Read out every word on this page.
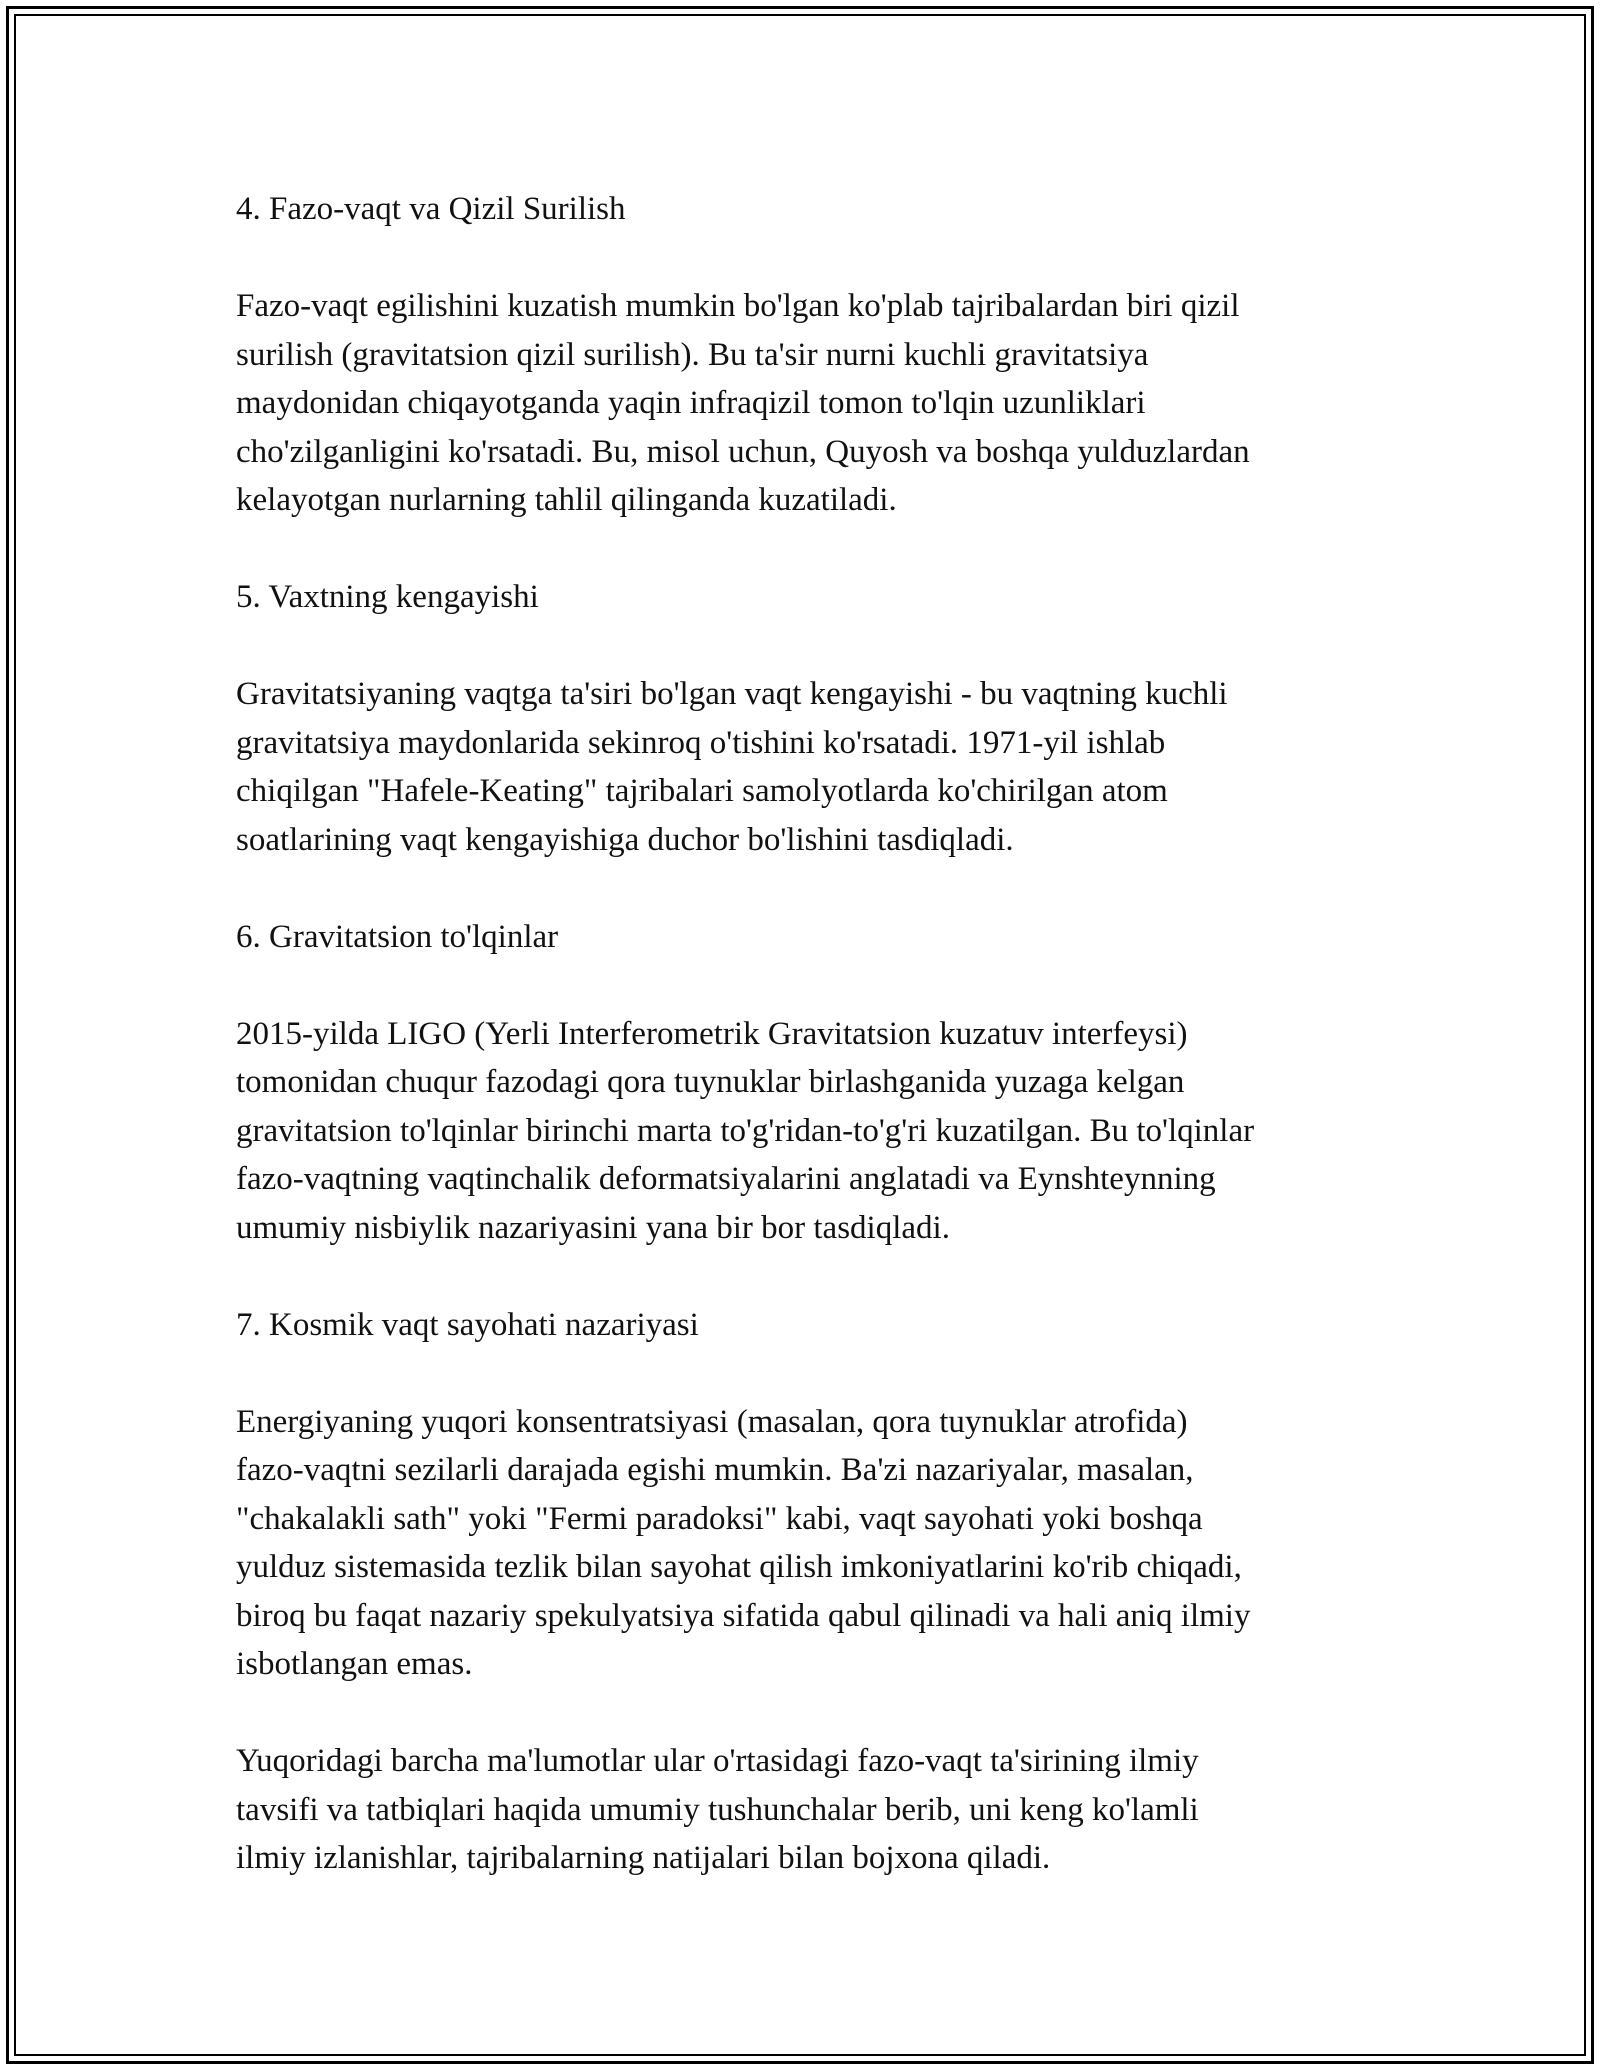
4. Fazo-vaqt va Qizil Surilish

Fazo-vaqt egilishini kuzatish mumkin bo'lgan ko'plab tajribalardan biri qizil
surilish (gravitatsion qizil surilish). Bu ta'sir nurni kuchli gravitatsiya
maydonidan chiqayotganda yaqin infraqizil tomon to'lqin uzunliklari
cho'zilganligini ko'rsatadi. Bu, misol uchun, Quyosh va boshqa yulduzlardan
kelayotgan nurlarning tahlil qilinganda kuzatiladi.

5. Vaxtning kengayishi

Gravitatsiyaning vaqtga ta'siri bo'lgan vaqt kengayishi - bu vaqtning kuchli
gravitatsiya maydonlarida sekinroq o'tishini ko'rsatadi. 1971-yil ishlab
chiqilgan "Hafele-Keating" tajribalari samolyotlarda ko'chirilgan atom
soatlarining vaqt kengayishiga duchor bo'lishini tasdiqladi.

6. Gravitatsion to'lqinlar

2015-yilda LIGO (Yerli Interferometrik Gravitatsion kuzatuv interfeysi)
tomonidan chuqur fazodagi qora tuynuklar birlashganida yuzaga kelgan
gravitatsion to'lqinlar birinchi marta to'g'ridan-to'g'ri kuzatilgan. Bu to'lqinlar
fazo-vaqtning vaqtinchalik deformatsiyalarini anglatadi va Eynshteynning
umumiy nisbiylik nazariyasini yana bir bor tasdiqladi.

7. Kosmik vaqt sayohati nazariyasi

Energiyaning yuqori konsentratsiyasi (masalan, qora tuynuklar atrofida)
fazo-vaqtni sezilarli darajada egishi mumkin. Ba'zi nazariyalar, masalan,
"chakalakli sath" yoki "Fermi paradoksi" kabi, vaqt sayohati yoki boshqa
yulduz sistemasida tezlik bilan sayohat qilish imkoniyatlarini ko'rib chiqadi,
biroq bu faqat nazariy spekulyatsiya sifatida qabul qilinadi va hali aniq ilmiy
isbotlangan emas.

Yuqoridagi barcha ma'lumotlar ular o'rtasidagi fazo-vaqt ta'sirining ilmiy
tavsifi va tatbiqlari haqida umumiy tushunchalar berib, uni keng ko'lamli
ilmiy izlanishlar, tajribalarning natijalari bilan bojxona qiladi.
